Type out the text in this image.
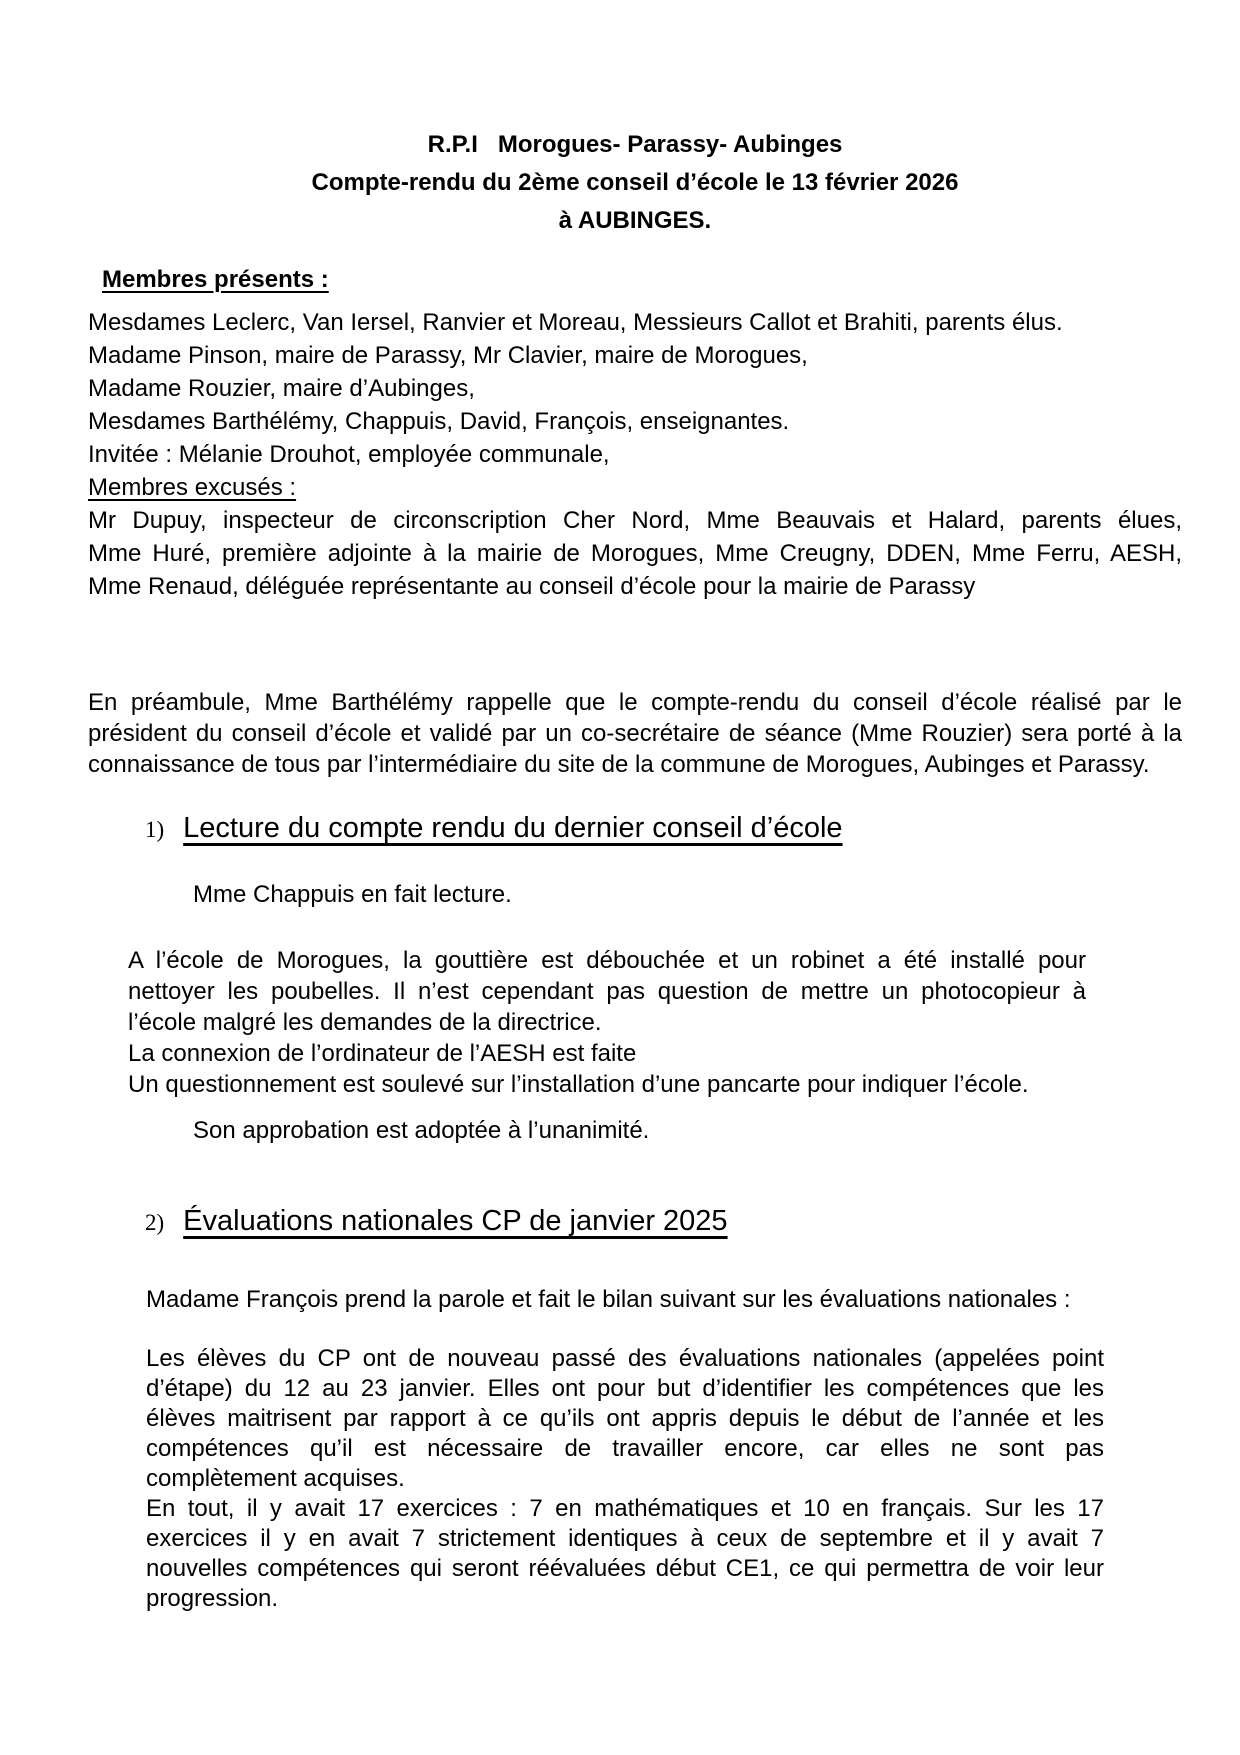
R.P.I   Morogues- Parassy- Aubinges
Compte-rendu du 2ème conseil d’école le 13 février 2026
à AUBINGES.
Membres présents :
Mesdames Leclerc, Van Iersel, Ranvier et Moreau, Messieurs Callot et Brahiti, parents élus.
Madame Pinson, maire de Parassy, Mr Clavier, maire de Morogues,
Madame Rouzier, maire d’Aubinges,
Mesdames Barthélémy, Chappuis, David, François, enseignantes.
Invitée : Mélanie Drouhot, employée communale,
Membres excusés :
Mr Dupuy, inspecteur de circonscription Cher Nord, Mme Beauvais et Halard, parents élues,
Mme Huré, première adjointe à la mairie de Morogues, Mme Creugny, DDEN, Mme Ferru, AESH,
Mme Renaud, déléguée représentante au conseil d’école pour la mairie de Parassy
En préambule, Mme Barthélémy rappelle que le compte-rendu du conseil d’école réalisé par le
président du conseil d’école et validé par un co-secrétaire de séance (Mme Rouzier) sera porté à la
connaissance de tous par l’intermédiaire du site de la commune de Morogues, Aubinges et Parassy.
1) Lecture du compte rendu du dernier conseil d’école
Mme Chappuis en fait lecture.
A l’école de Morogues, la gouttière est débouchée et un robinet a été installé pour
nettoyer les poubelles. Il n’est cependant pas question de mettre un photocopieur à
l’école malgré les demandes de la directrice.
La connexion de l’ordinateur de l’AESH est faite
Un questionnement est soulevé sur l’installation d’une pancarte pour indiquer l’école.
Son approbation est adoptée à l’unanimité.
2) Évaluations nationales CP de janvier 2025
Madame François prend la parole et fait le bilan suivant sur les évaluations nationales :
Les élèves du CP ont de nouveau passé des évaluations nationales (appelées point
d’étape) du 12 au 23 janvier. Elles ont pour but d’identifier les compétences que les
élèves maitrisent par rapport à ce qu’ils ont appris depuis le début de l’année et les
compétences qu’il est nécessaire de travailler encore, car elles ne sont pas
complètement acquises.
En tout, il y avait 17 exercices : 7 en mathématiques et 10 en français. Sur les 17
exercices il y en avait 7 strictement identiques à ceux de septembre et il y avait 7
nouvelles compétences qui seront réévaluées début CE1, ce qui permettra de voir leur
progression.
